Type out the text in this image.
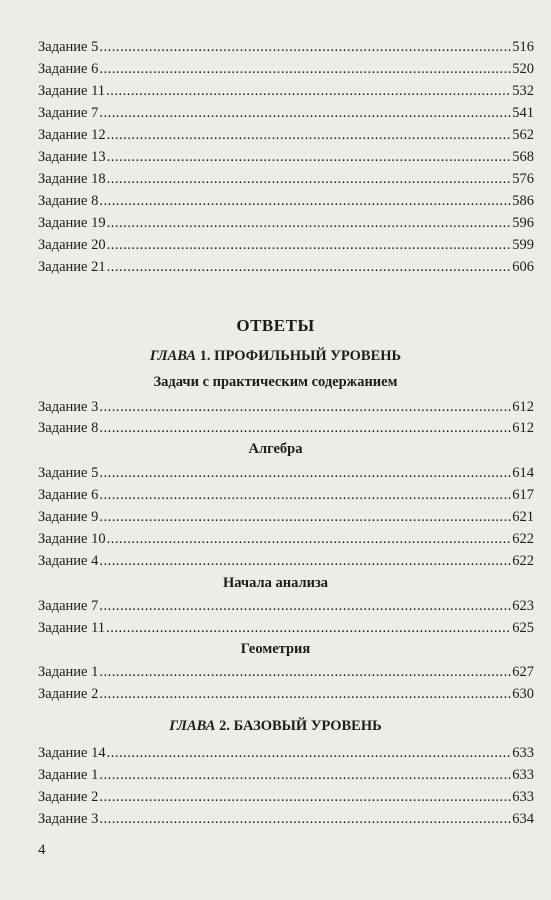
Задание 5 .....	516
Задание 6 .....	520
Задание 11 .....	532
Задание 7 .....	541
Задание 12 .....	562
Задание 13 .....	568
Задание 18 .....	576
Задание 8 .....	586
Задание 19 .....	596
Задание 20 .....	599
Задание 21 .....	606
ОТВЕТЫ
ГЛАВА 1. ПРОФИЛЬНЫЙ УРОВЕНЬ
Задачи с практическим содержанием
Задание 3 .....	612
Задание 8 .....	612
Алгебра
Задание 5 .....	614
Задание 6 .....	617
Задание 9 .....	621
Задание 10 .....	622
Задание 4 .....	622
Начала анализа
Задание 7 .....	623
Задание 11 .....	625
Геометрия
Задание 1 .....	627
Задание 2 .....	630
ГЛАВА 2. БАЗОВЫЙ УРОВЕНЬ
Задание 14 .....	633
Задание 1 .....	633
Задание 2 .....	633
Задание 3 .....	634
4
